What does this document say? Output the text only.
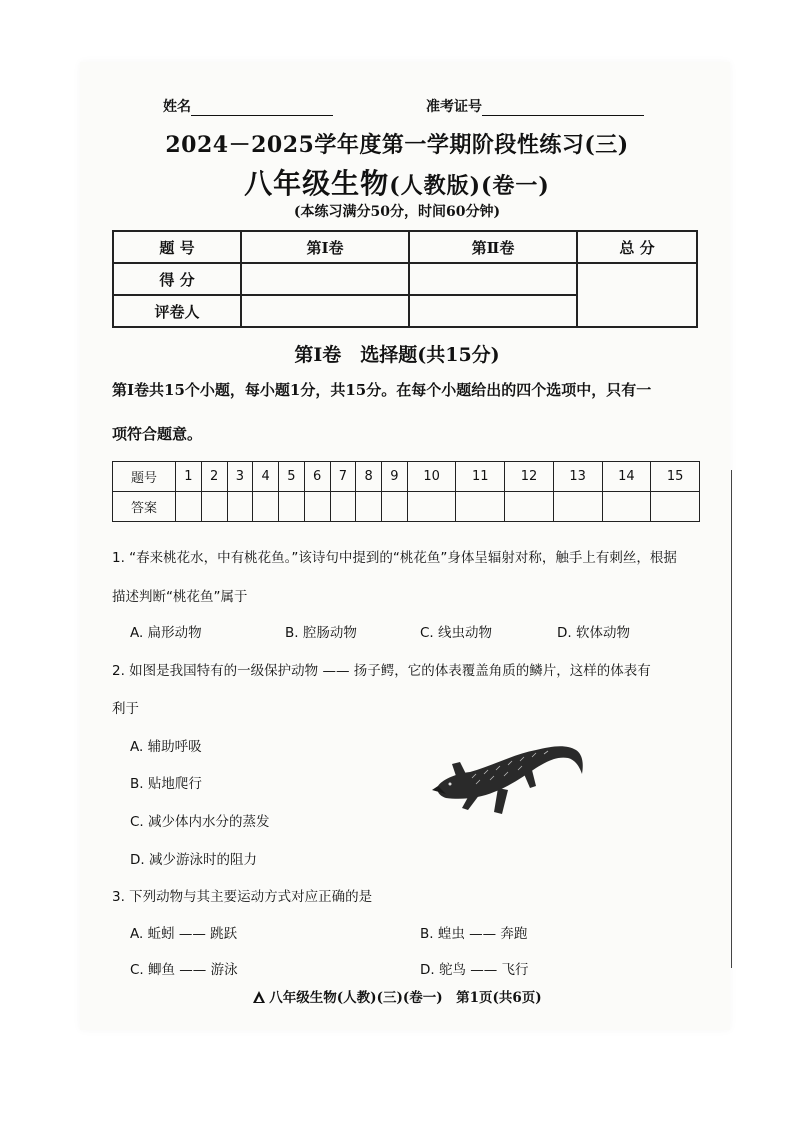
姓名	准考证号
2024－2025学年度第一学期阶段性练习(三)
八年级生物(人教版)(卷一)
(本练习满分50分，时间60分钟)
题 号	第Ⅰ卷	第Ⅱ卷	总 分
得 分			
评卷人			
第Ⅰ卷　选择题(共15分)
第Ⅰ卷共15个小题，每小题1分，共15分。在每个小题给出的四个选项中，只有一
项符合题意。
题号	1	2	3	4	5	6	7	8	9	10	11	12	13	14	15
答案															
1. “春来桃花水，中有桃花鱼。”该诗句中提到的“桃花鱼”身体呈辐射对称，触手上有刺丝，根据
描述判断“桃花鱼”属于
A. 扁形动物	B. 腔肠动物	C. 线虫动物	D. 软体动物
2. 如图是我国特有的一级保护动物 —— 扬子鳄，它的体表覆盖角质的鳞片，这样的体表有
利于
A. 辅助呼吸
B. 贴地爬行
C. 减少体内水分的蒸发
D. 减少游泳时的阻力
3. 下列动物与其主要运动方式对应正确的是
A. 蚯蚓 —— 跳跃	B. 蝗虫 —— 奔跑
C. 鲫鱼 —— 游泳	D. 鸵鸟 —— 飞行
八年级生物(人教)(三)(卷一)　第1页(共6页)
